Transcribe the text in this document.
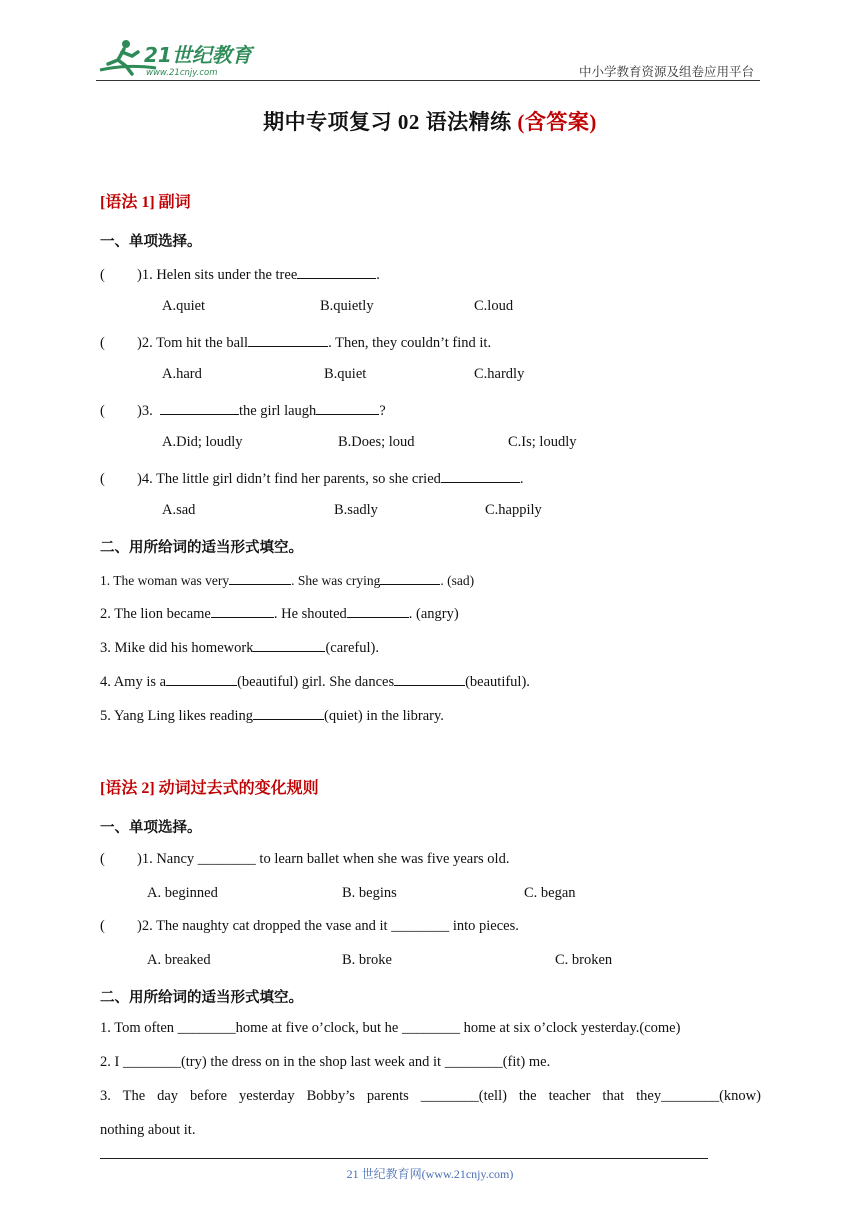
21世纪教育
www.21cnjy.com	中小学教育资源及组卷应用平台
期中专项复习 02 语法精练 (含答案)
[语法 1] 副词
一、单项选择。
( )1. Helen sits under the tree	.
A.quiet	B.quietly	C.loud
( )2. Tom hit the ball	. Then, they couldn’t find it.
A.hard	B.quiet	C.hardly
( )3.	the girl laugh	?
A.Did; loudly	B.Does; loud	C.Is; loudly
( )4. The little girl didn’t find her parents, so she cried	.
A.sad	B.sadly	C.happily
二、用所给词的适当形式填空。
1. The woman was very	. She was crying	. (sad)
2. The lion became	. He shouted	. (angry)
3. Mike did his homework	(careful).
4. Amy is a	(beautiful) girl. She dances	(beautiful).
5. Yang Ling likes reading	(quiet) in the library.
[语法 2] 动词过去式的变化规则
一、单项选择。
( )1. Nancy ________ to learn ballet when she was five years old.
A. beginned	B. begins	C. began
( )2. The naughty cat dropped the vase and it ________ into pieces.
A. breaked	B. broke	C. broken
二、用所给词的适当形式填空。
1. Tom often ________home at five o’clock, but he ________ home at six o’clock yesterday.(come)
2. I ________(try) the dress on in the shop last week and it ________(fit) me.
3. The day before yesterday Bobby’s parents ________(tell) the teacher that they________(know)
nothing about it.
21 世纪教育网(www.21cnjy.com)
